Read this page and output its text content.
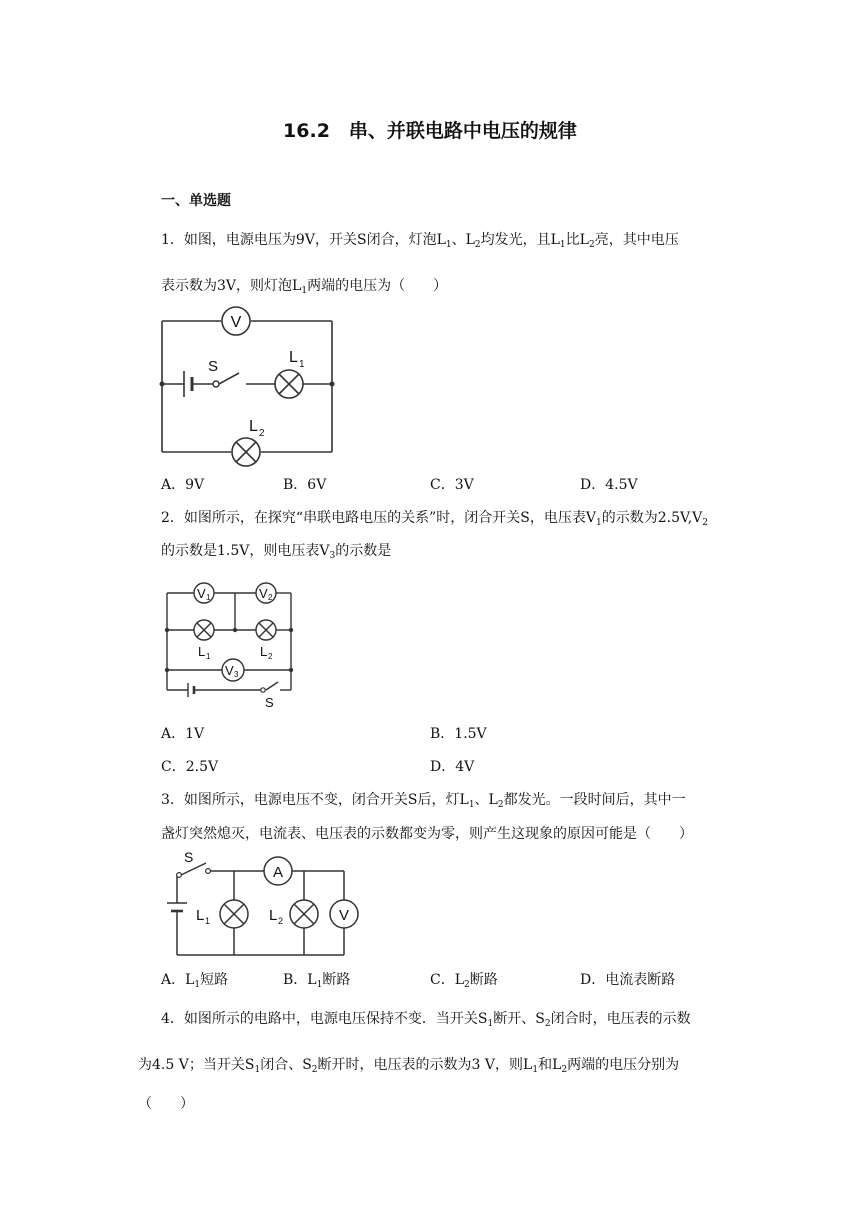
16.2　串、并联电路中电压的规律
一、单选题
1．如图，电源电压为9V，开关S闭合，灯泡$L_1$、$L_2$均发光，且$L_1$比$L_2$亮，其中电压
表示数为3V，则灯泡$L_1$两端的电压为（　　 ）
V
S
L 1
L 2
A．9V	B．6V	C．3V	D．4.5V
2．如图所示，在探究“串联电路电压的关系”时，闭合开关S，电压表$V_1$的示数为$2.5V,V_2$
的示数是1.5V，则电压表$V_3$的示数是
V 1	V 2
V 3
L 1	L 2
S
A．1V	B．1.5V
C．2.5V	D．4V
3．如图所示，电源电压不变，闭合开关S后，灯$L_1$、$L_2$都发光。一段时间后，其中一
盏灯突然熄灭，电流表、电压表的示数都变为零，则产生这现象的原因可能是（　　）
S
A
V
L 1	L 2
A．$L_1$短路	B．$L_1$断路	C．$L_2$断路	D．电流表断路
4．如图所示的电路中，电源电压保持不变．当开关$S_1$断开、$S_2$闭合时，电压表的示数
为4.5 V；当开关$S_1$闭合、$S_2$断开时，电压表的示数为3 V，则$L_1$和$L_2$两端的电压分别为
（　　）
